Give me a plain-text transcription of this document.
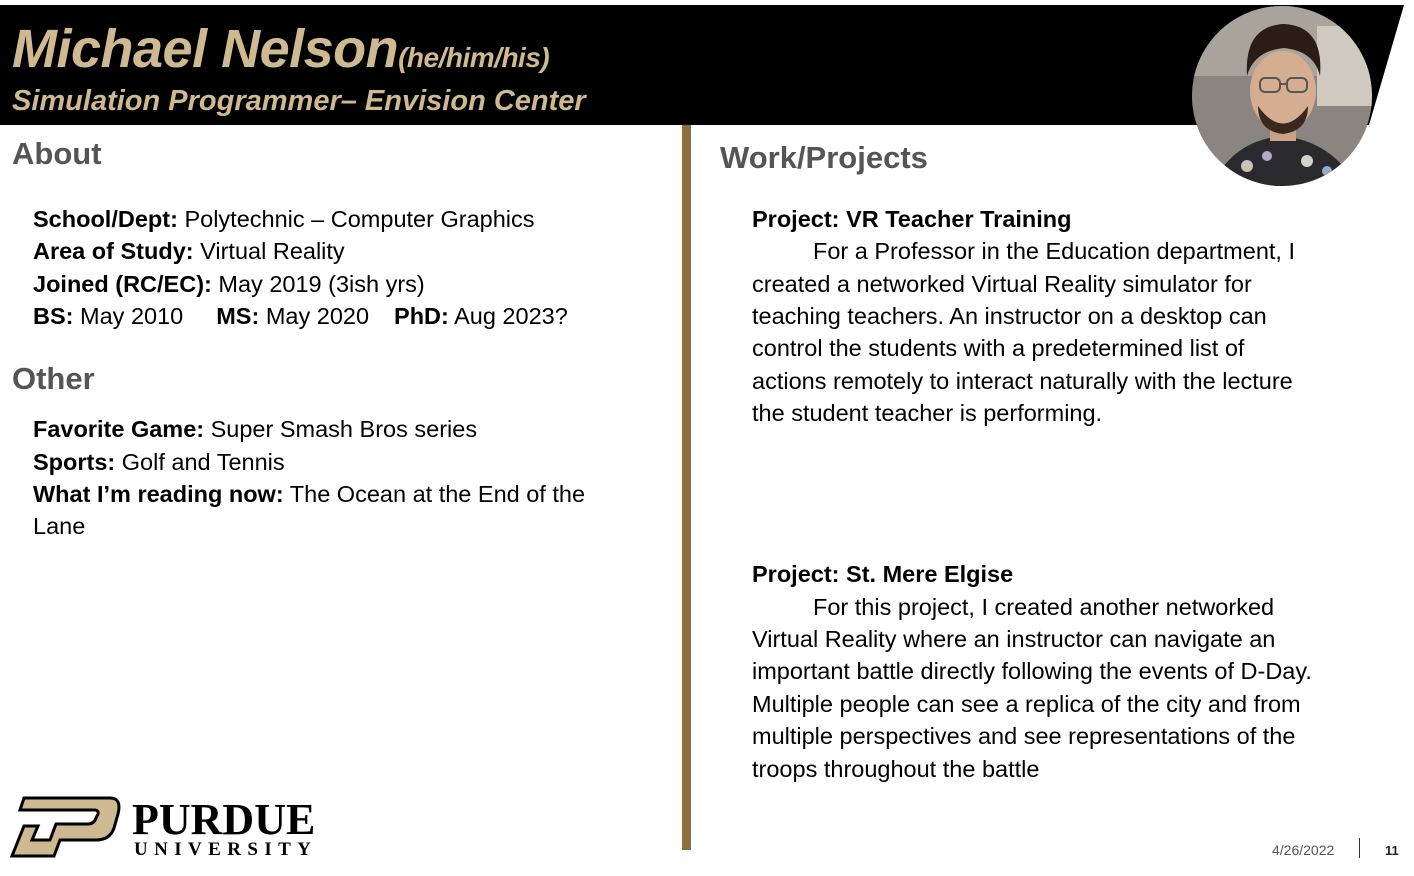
Michael Nelson(he/him/his)
Simulation Programmer– Envision Center
About
School/Dept: Polytechnic – Computer Graphics
Area of Study: Virtual Reality
Joined (RC/EC): May 2019 (3ish yrs)
BS: May 2010 MS: May 2020 PhD: Aug 2023?
Other
Favorite Game: Super Smash Bros series
Sports: Golf and Tennis
What I’m reading now: The Ocean at the End of the
Lane
Work/Projects
Project: VR Teacher Training
For a Professor in the Education department, I
created a networked Virtual Reality simulator for
teaching teachers. An instructor on a desktop can
control the students with a predetermined list of
actions remotely to interact naturally with the lecture
the student teacher is performing.
Project: St. Mere Elgise
For this project, I created another networked
Virtual Reality where an instructor can navigate an
important battle directly following the events of D-Day.
Multiple people can see a replica of the city and from
multiple perspectives and see representations of the
troops throughout the battle
PURDUE
UNIVERSITY	4/26/2022	11
